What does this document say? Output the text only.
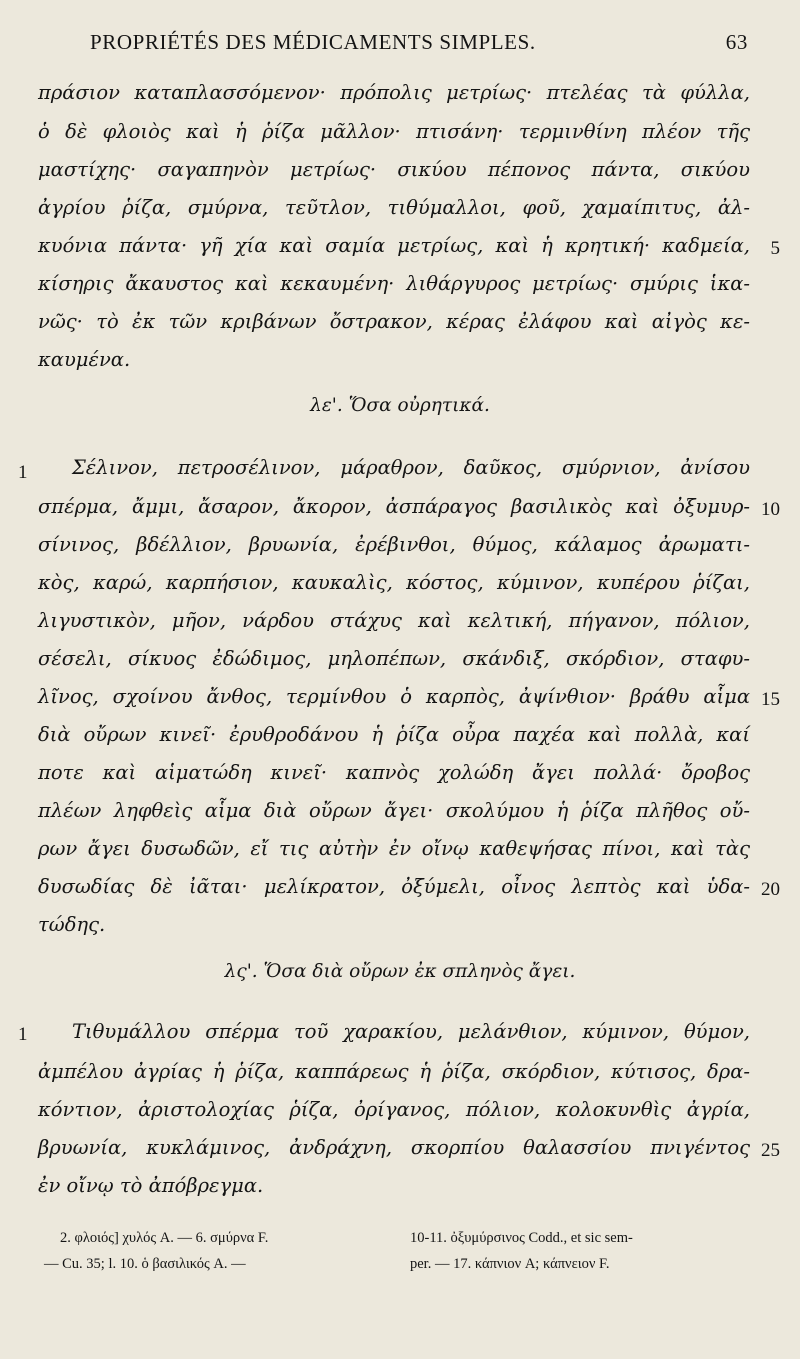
PROPRIÉTÉS DES MÉDICAMENTS SIMPLES.	63
πράσιον καταπλασσόμενον· πρόπολις μετρίως· πτελέας τὰ φύλλα,
ὁ δὲ φλοιὸς καὶ ἡ ῥίζα μᾶλλον· πτισάνη· τερμινθίνη πλέον τῆς
μαστίχης· σαγαπηνὸν μετρίως· σικύου πέπονος πάντα, σικύου
ἀγρίου ῥίζα, σμύρνα, τεῦτλον, τιθύμαλλοι, φοῦ, χαμαίπιτυς, ἀλ-
κυόνια πάντα· γῆ χία καὶ σαμία μετρίως, καὶ ἡ κρητική· καδμεία,
κίσηρις ἄκαυστος καὶ κεκαυμένη· λιθάργυρος μετρίως· σμύρις ἱκα-
νῶς· τὸ ἐκ τῶν κριβάνων ὄστρακον, κέρας ἐλάφου καὶ αἰγὸς κε-
καυμένα.
λε'. Ὅσα οὐρητικά.
1 Σέλινον, πετροσέλινον, μάραθρον, δαῦκος, σμύρνιον, ἀνίσου
σπέρμα, ἄμμι, ἄσαρον, ἄκορον, ἀσπάραγος βασιλικὸς καὶ ὀξυμυρ-
σίνινος, βδέλλιον, βρυωνία, ἐρέβινθοι, θύμος, κάλαμος ἀρωματι-
κὸς, καρώ, καρπήσιον, καυκαλὶς, κόστος, κύμινον, κυπέρου ῥίζαι,
λιγυστικὸν, μῆον, νάρδου στάχυς καὶ κελτική, πήγανον, πόλιον,
σέσελι, σίκυος ἐδώδιμος, μηλοπέπων, σκάνδιξ, σκόρδιον, σταφυ-
λῖνος, σχοίνου ἄνθος, τερμίνθου ὁ καρπὸς, ἀψίνθιον· βράθυ αἷμα
διὰ οὔρων κινεῖ· ἐρυθροδάνου ἡ ῥίζα οὖρα παχέα καὶ πολλὰ, καί
ποτε καὶ αἱματώδη κινεῖ· καπνὸς χολώδη ἄγει πολλά· ὄροβος
πλέων ληφθεὶς αἷμα διὰ οὔρων ἄγει· σκολύμου ἡ ῥίζα πλῆθος οὔ-
ρων ἄγει δυσωδῶν, εἴ τις αὐτὴν ἐν οἴνῳ καθεψήσας πίνοι, καὶ τὰς
δυσωδίας δὲ ἰᾶται· μελίκρατον, ὀξύμελι, οἶνος λεπτὸς καὶ ὑδα-
τώδης.
λς'. Ὅσα διὰ οὔρων ἐκ σπληνὸς ἄγει.
1 Τιθυμάλλου σπέρμα τοῦ χαρακίου, μελάνθιον, κύμινον, θύμον,
ἀμπέλου ἀγρίας ἡ ῥίζα, καππάρεως ἡ ῥίζα, σκόρδιον, κύτισος, δρα-
κόντιον, ἀριστολοχίας ῥίζα, ὀρίγανος, πόλιον, κολοκυνθὶς ἀγρία,
βρυωνία, κυκλάμινος, ἀνδράχνη, σκορπίου θαλασσίου πνιγέντος
ἐν οἴνῳ τὸ ἀπόβρεγμα.
5
10
15
20
25
2. φλοιός] χυλός A. — 6. σμύρνα F.	10-11. ὀξυμύρσινος Codd., et sic sem-
— Cu. 35; l. 10. ὁ βασιλικός A. —	per. — 17. κάπνιον A; κάπνειον F.
